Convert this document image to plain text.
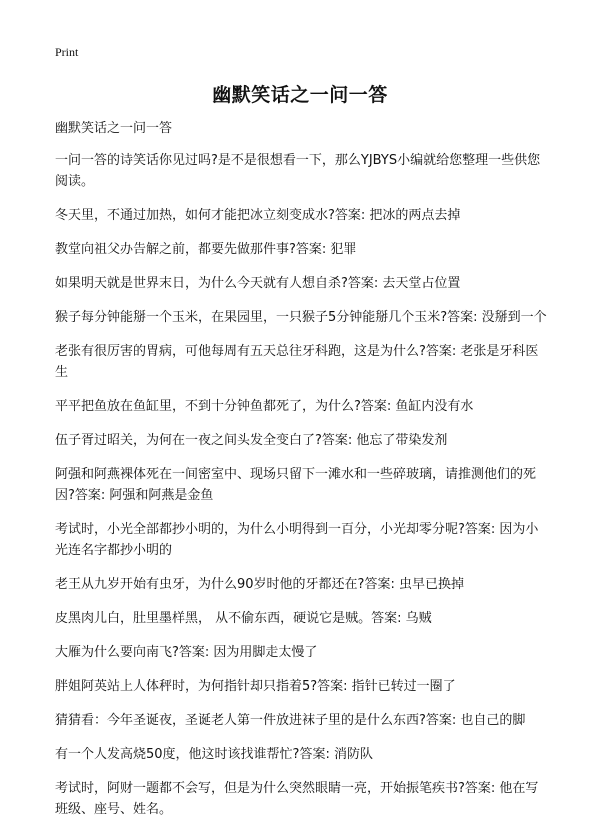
Print
幽默笑话之一问一答

幽默笑话之一问一答

一问一答的诗笑话你见过吗?是不是很想看一下，那么YJBYS小编就给您整理一些供您阅读。

冬天里，不通过加热，如何才能把冰立刻变成水?答案: 把冰的两点去掉

教堂向祖父办告解之前，都要先做那件事?答案: 犯罪

如果明天就是世界末日，为什么今天就有人想自杀?答案: 去天堂占位置

猴子每分钟能掰一个玉米，在果园里，一只猴子5分钟能掰几个玉米?答案: 没掰到一个

老张有很厉害的胃病，可他每周有五天总往牙科跑，这是为什么?答案: 老张是牙科医生

平平把鱼放在鱼缸里，不到十分钟鱼都死了，为什么?答案: 鱼缸内没有水

伍子胥过昭关，为何在一夜之间头发全变白了?答案: 他忘了带染发剂

阿强和阿燕裸体死在一间密室中、现场只留下一滩水和一些碎玻璃，请推测他们的死因?答案: 阿强和阿燕是金鱼

考试时，小光全部都抄小明的，为什么小明得到一百分，小光却零分呢?答案: 因为小光连名字都抄小明的

老王从九岁开始有虫牙，为什么90岁时他的牙都还在?答案: 虫早已换掉

皮黑肉儿白，肚里墨样黑， 从不偷东西，硬说它是贼。答案: 乌贼

大雁为什么要向南飞?答案: 因为用脚走太慢了

胖姐阿英站上人体秤时，为何指针却只指着5?答案: 指针已转过一圈了

猜猜看：今年圣诞夜，圣诞老人第一件放进袜子里的是什么东西?答案: 也自己的脚

有一个人发高烧50度，他这时该找谁帮忙?答案: 消防队

考试时，阿财一题都不会写，但是为什么突然眼睛一亮，开始振笔疾书?答案: 他在写班级、座号、姓名。
